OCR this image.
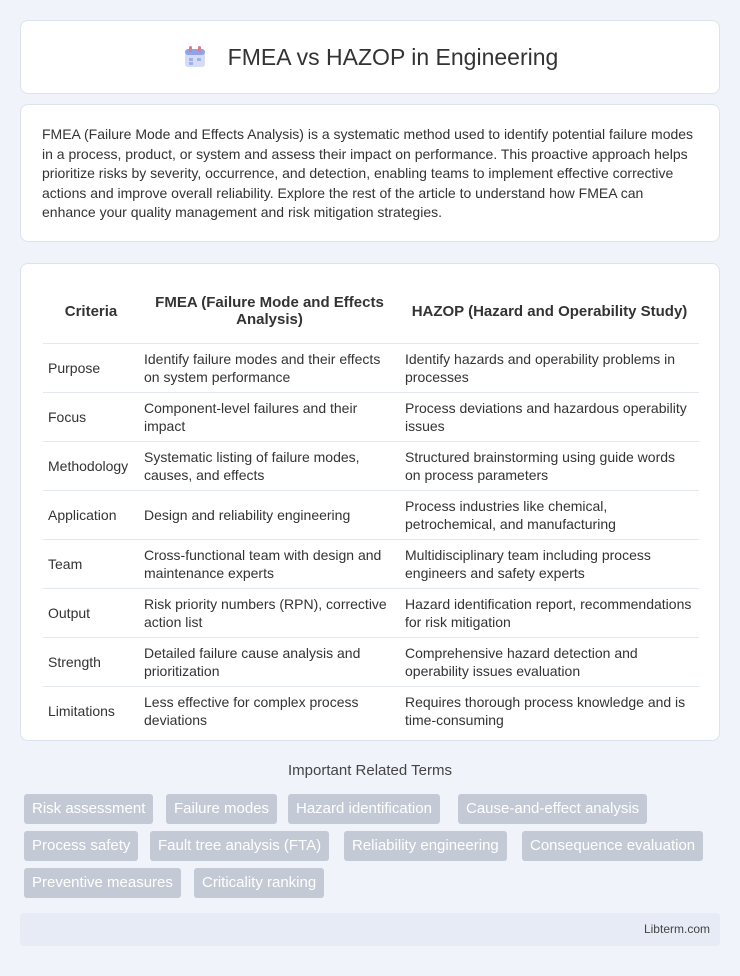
FMEA vs HAZOP in Engineering

FMEA (Failure Mode and Effects Analysis) is a systematic method used to identify potential failure modes in a process, product, or system and assess their impact on performance. This proactive approach helps prioritize risks by severity, occurrence, and detection, enabling teams to implement effective corrective actions and improve overall reliability. Explore the rest of the article to understand how FMEA can enhance your quality management and risk mitigation strategies.

Criteria	FMEA (Failure Mode and Effects Analysis)	HAZOP (Hazard and Operability Study)
Purpose	Identify failure modes and their effects on system performance	Identify hazards and operability problems in processes
Focus	Component-level failures and their impact	Process deviations and hazardous operability issues
Methodology	Systematic listing of failure modes, causes, and effects	Structured brainstorming using guide words on process parameters
Application	Design and reliability engineering	Process industries like chemical, petrochemical, and manufacturing
Team	Cross-functional team with design and maintenance experts	Multidisciplinary team including process engineers and safety experts
Output	Risk priority numbers (RPN), corrective action list	Hazard identification report, recommendations for risk mitigation
Strength	Detailed failure cause analysis and prioritization	Comprehensive hazard detection and operability issues evaluation
Limitations	Less effective for complex process deviations	Requires thorough process knowledge and is time-consuming
Important Related Terms
Risk assessment	Failure modes	Hazard identification	Cause-and-effect analysis
Process safety	Fault tree analysis (FTA)	Reliability engineering	Consequence evaluation
Preventive measures	Criticality ranking
Libterm.com
